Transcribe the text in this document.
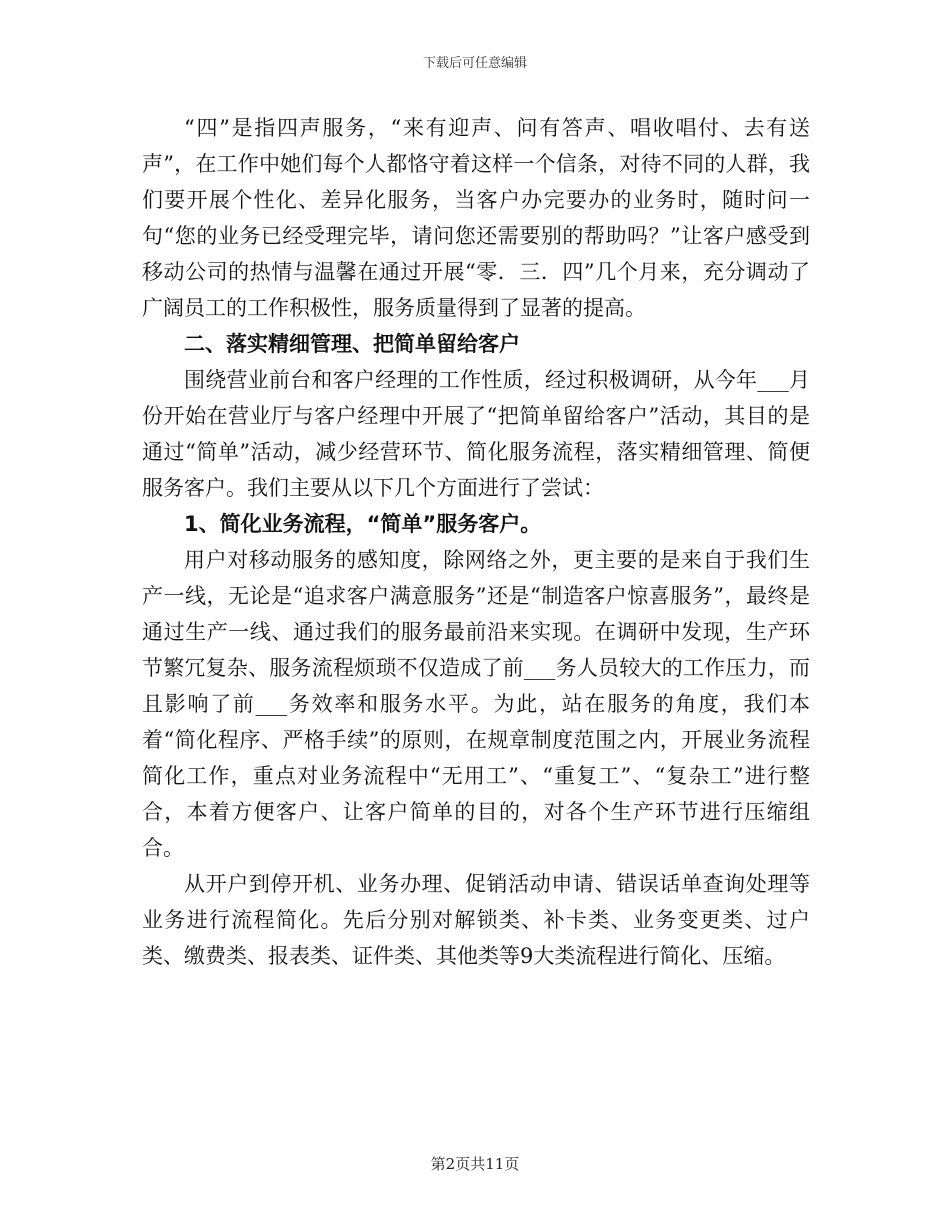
下载后可任意编辑

“四”是指四声服务，“来有迎声、问有答声、唱收唱付、去有送声”，在工作中她们每个人都恪守着这样一个信条，对待不同的人群，我们要开展个性化、差异化服务，当客户办完要办的业务时，随时问一句“您的业务已经受理完毕，请问您还需要别的帮助吗？”让客户感受到移动公司的热情与温馨在通过开展“零．三．四”几个月来，充分调动了广阔员工的工作积极性，服务质量得到了显著的提高。

二、落实精细管理、把简单留给客户

围绕营业前台和客户经理的工作性质，经过积极调研，从今年___月份开始在营业厅与客户经理中开展了“把简单留给客户”活动，其目的是通过“简单”活动，减少经营环节、简化服务流程，落实精细管理、简便服务客户。我们主要从以下几个方面进行了尝试：

1、简化业务流程，“简单”服务客户。

用户对移动服务的感知度，除网络之外，更主要的是来自于我们生产一线，无论是“追求客户满意服务”还是“制造客户惊喜服务”，最终是通过生产一线、通过我们的服务最前沿来实现。在调研中发现，生产环节繁冗复杂、服务流程烦琐不仅造成了前___务人员较大的工作压力，而且影响了前___务效率和服务水平。为此，站在服务的角度，我们本着“简化程序、严格手续”的原则，在规章制度范围之内，开展业务流程简化工作，重点对业务流程中“无用工”、“重复工”、“复杂工”进行整合，本着方便客户、让客户简单的目的，对各个生产环节进行压缩组合。

从开户到停开机、业务办理、促销活动申请、错误话单查询处理等业务进行流程简化。先后分别对解锁类、补卡类、业务变更类、过户类、缴费类、报表类、证件类、其他类等9大类流程进行简化、压缩。

第2页共11页
